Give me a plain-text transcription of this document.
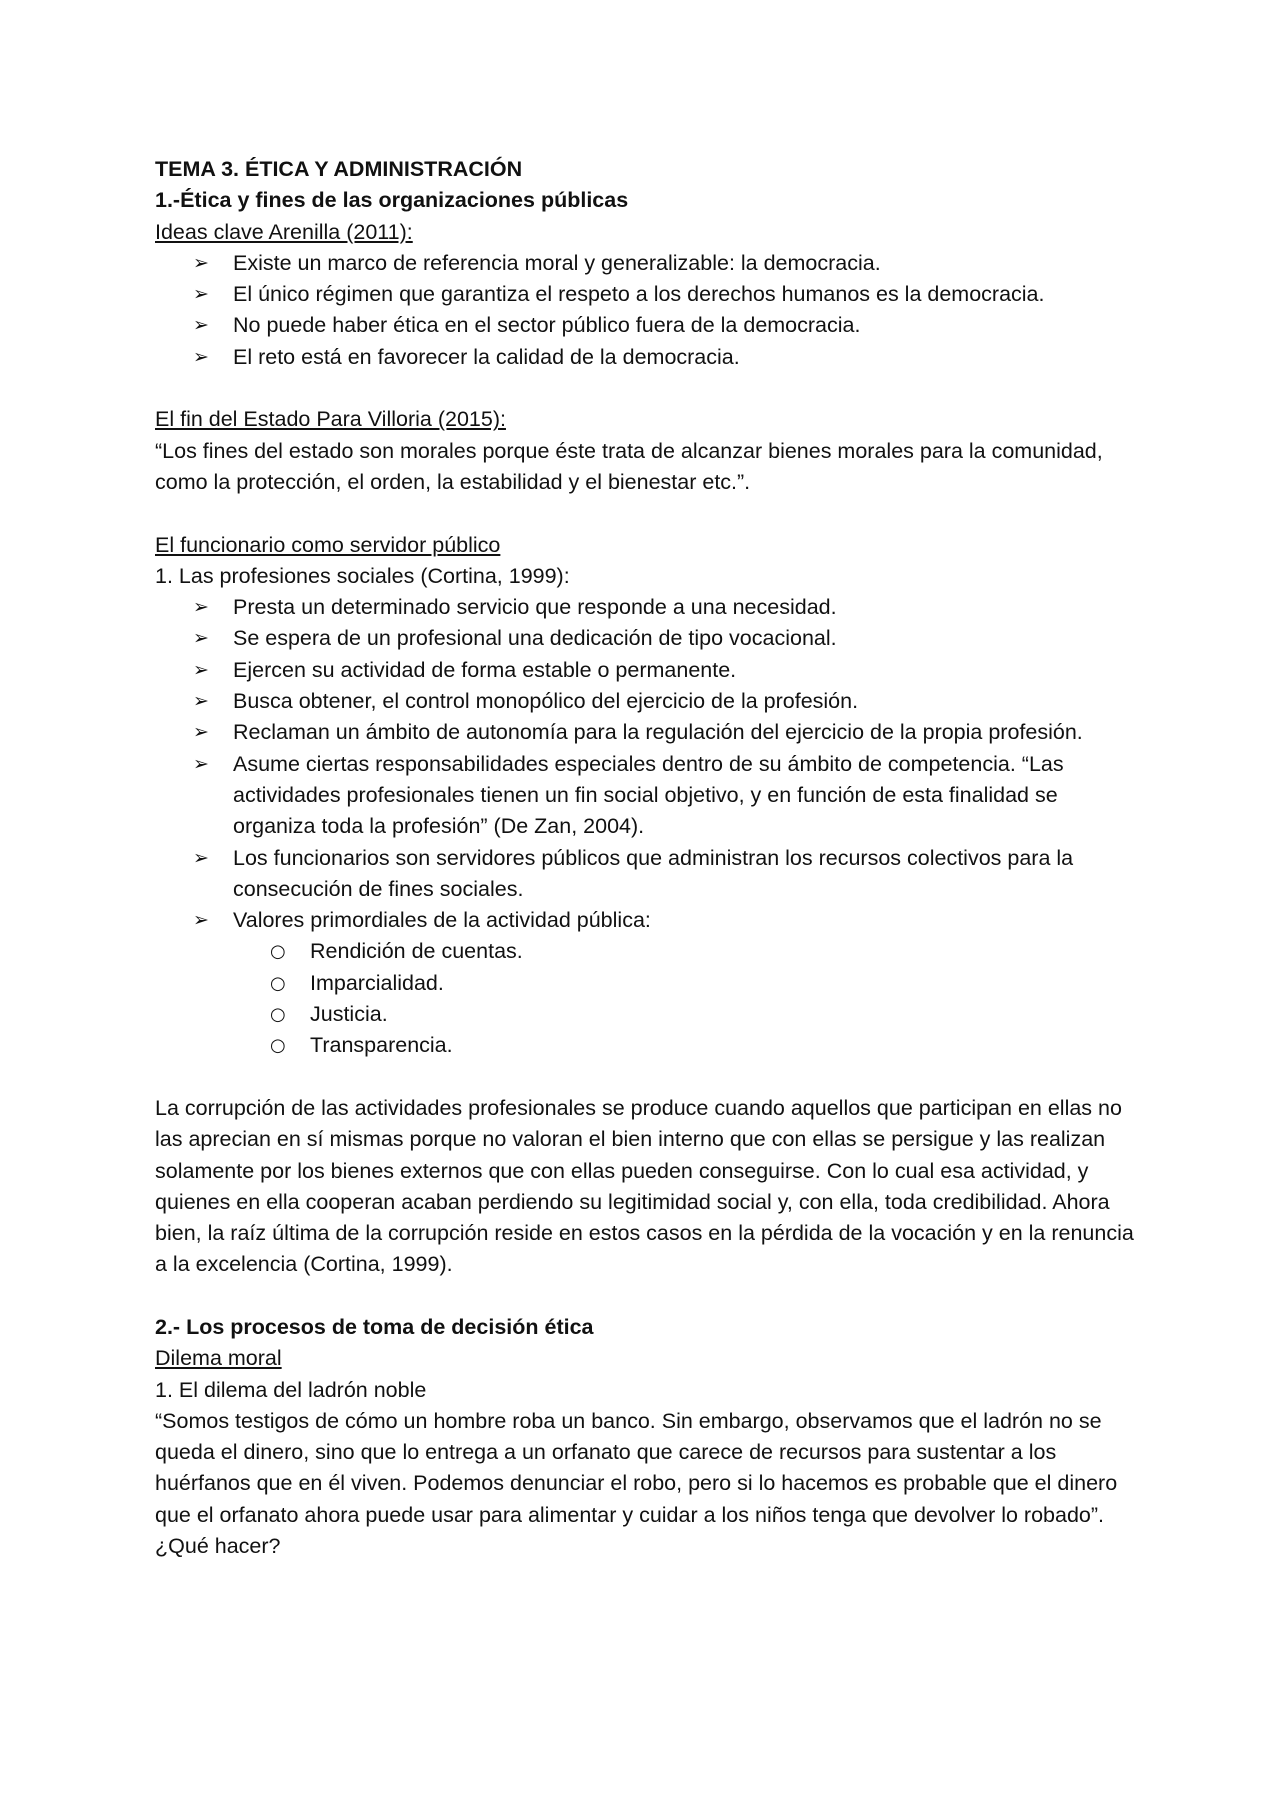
TEMA 3. ÉTICA Y ADMINISTRACIÓN

1.-Ética y fines de las organizaciones públicas

Ideas clave Arenilla (2011):

➢ Existe un marco de referencia moral y generalizable: la democracia.
➢ El único régimen que garantiza el respeto a los derechos humanos es la democracia.
➢ No puede haber ética en el sector público fuera de la democracia.
➢ El reto está en favorecer la calidad de la democracia.

El fin del Estado Para Villoria (2015):

“Los fines del estado son morales porque éste trata de alcanzar bienes morales para la comunidad, como la protección, el orden, la estabilidad y el bienestar etc.”.

El funcionario como servidor público

1. Las profesiones sociales (Cortina, 1999):

➢ Presta un determinado servicio que responde a una necesidad.
➢ Se espera de un profesional una dedicación de tipo vocacional.
➢ Ejercen su actividad de forma estable o permanente.
➢ Busca obtener, el control monopólico del ejercicio de la profesión.
➢ Reclaman un ámbito de autonomía para la regulación del ejercicio de la propia profesión.
➢ Asume ciertas responsabilidades especiales dentro de su ámbito de competencia. “Las actividades profesionales tienen un fin social objetivo, y en función de esta finalidad se organiza toda la profesión” (De Zan, 2004).
➢ Los funcionarios son servidores públicos que administran los recursos colectivos para la consecución de fines sociales.
➢ Valores primordiales de la actividad pública:
○ Rendición de cuentas.
○ Imparcialidad.
○ Justicia.
○ Transparencia.

La corrupción de las actividades profesionales se produce cuando aquellos que participan en ellas no las aprecian en sí mismas porque no valoran el bien interno que con ellas se persigue y las realizan solamente por los bienes externos que con ellas pueden conseguirse. Con lo cual esa actividad, y quienes en ella cooperan acaban perdiendo su legitimidad social y, con ella, toda credibilidad. Ahora bien, la raíz última de la corrupción reside en estos casos en la pérdida de la vocación y en la renuncia a la excelencia (Cortina, 1999).

2.- Los procesos de toma de decisión ética

Dilema moral

1. El dilema del ladrón noble

“Somos testigos de cómo un hombre roba un banco. Sin embargo, observamos que el ladrón no se queda el dinero, sino que lo entrega a un orfanato que carece de recursos para sustentar a los huérfanos que en él viven. Podemos denunciar el robo, pero si lo hacemos es probable que el dinero que el orfanato ahora puede usar para alimentar y cuidar a los niños tenga que devolver lo robado”.

¿Qué hacer?
